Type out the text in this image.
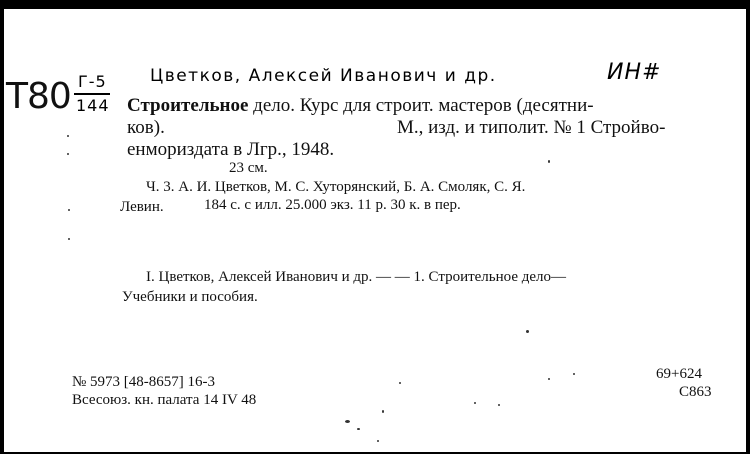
Т80 Г-5
144
Цветков, Алексей Иванович и др.	ИН#
Строительное дело. Курс для строит. мастеров (десятни-
ков).	М., изд. и типолит. № 1 Стройво-
енмориздата в Лгр., 1948.
23 см.
Ч. 3. А. И. Цветков, М. С. Хуторянский, Б. А. Смоляк, С. Я.
Левин.	184 с. с илл. 25.000 экз. 11 р. 30 к. в пер.
I. Цветков, Алексей Иванович и др. — — 1. Строительное дело—
Учебники и пособия.
№ 5973 [48-8657] 16-3
Всесоюз. кн. палата 14 IV 48
69+624
С863
